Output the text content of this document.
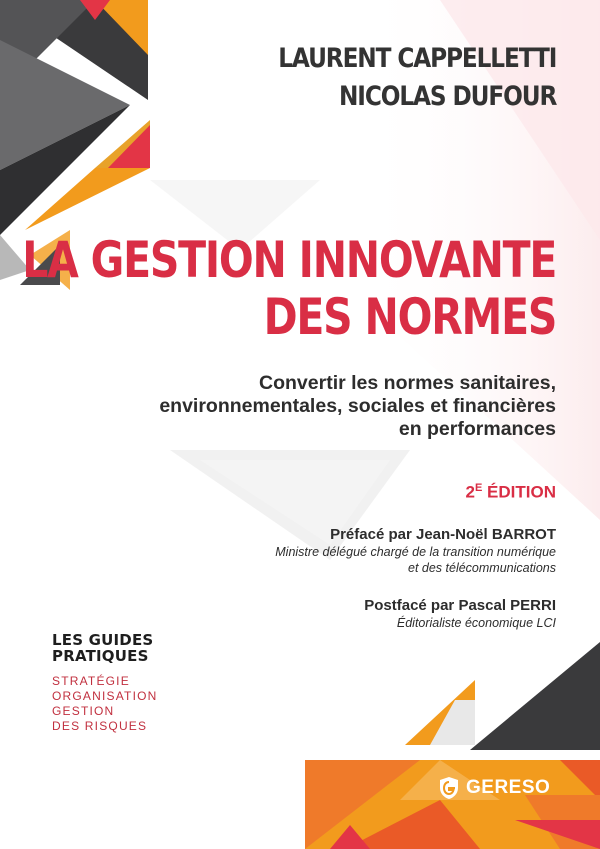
LAURENT CAPPELLETTI
NICOLAS DUFOUR
LA GESTION INNOVANTE
DES NORMES
Convertir les normes sanitaires,
environnementales, sociales et financières
en performances
$2^E$ ÉDITION
Préfacé par Jean-Noël BARROT
Ministre délégué chargé de la transition numérique
et des télécommunications
Postfacé par Pascal PERRI
Éditorialiste économique LCI
LES GUIDES
PRATIQUES
STRATÉGIE
ORGANISATION
GESTION
DES RISQUES
GERESO
